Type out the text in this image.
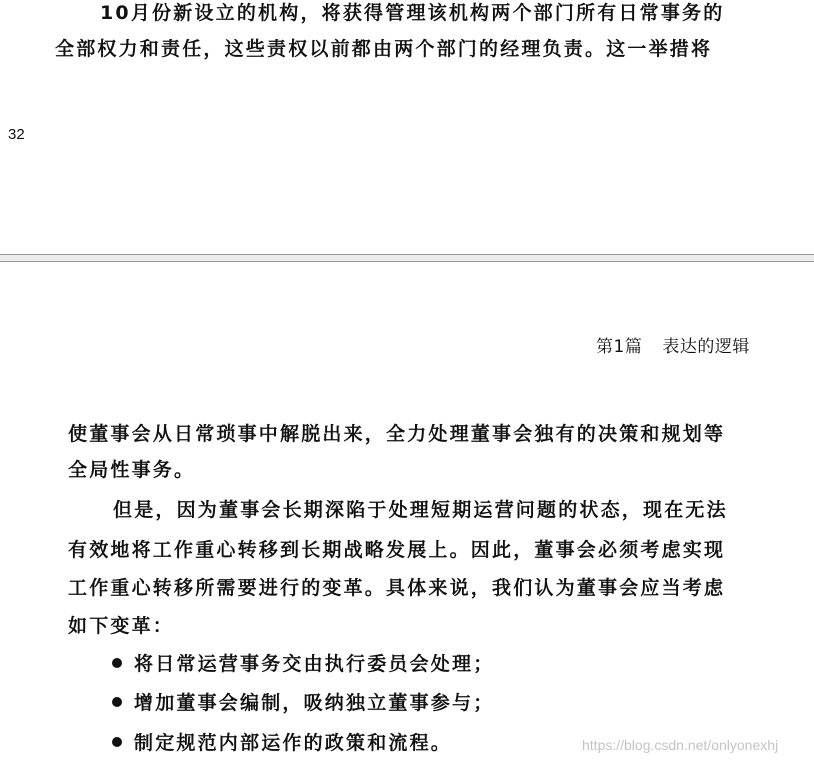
10月份新设立的机构，将获得管理该机构两个部门所有日常事务的
全部权力和责任，这些责权以前都由两个部门的经理负责。这一举措将
32
第1篇 表达的逻辑
使董事会从日常琐事中解脱出来，全力处理董事会独有的决策和规划等
全局性事务。
但是，因为董事会长期深陷于处理短期运营问题的状态，现在无法
有效地将工作重心转移到长期战略发展上。因此，董事会必须考虑实现
工作重心转移所需要进行的变革。具体来说，我们认为董事会应当考虑
如下变革：
将日常运营事务交由执行委员会处理；
增加董事会编制，吸纳独立董事参与；
制定规范内部运作的政策和流程。	https://blog.csdn.net/onlyonexhj
